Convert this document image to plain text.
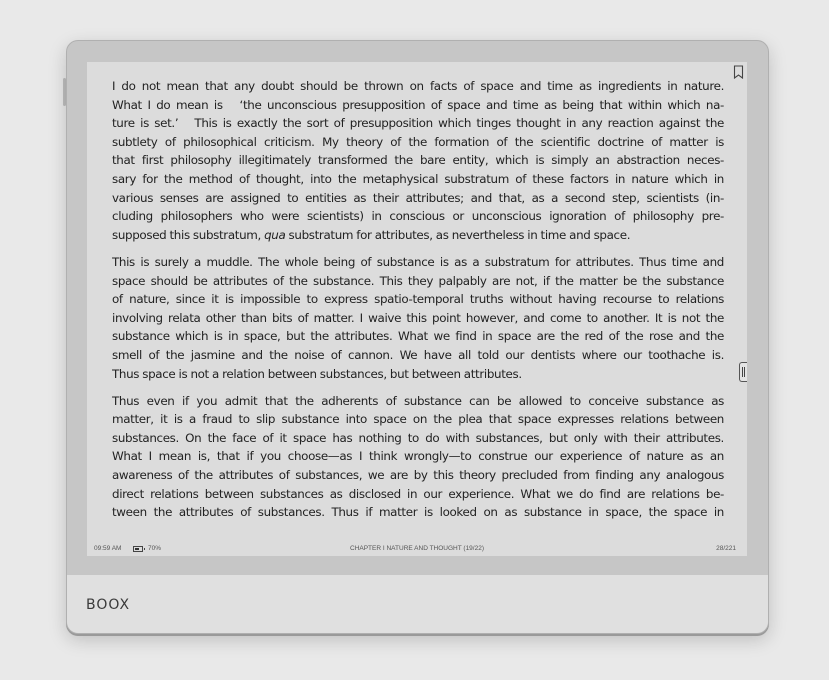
I do not mean that any doubt should be thrown on facts of space and time as ingredients in nature.
What I do mean is   ‘the unconscious presupposition of space and time as being that within which na-
ture is set.’   This is exactly the sort of presupposition which tinges thought in any reaction against the
subtlety of philosophical criticism. My theory of the formation of the scientific doctrine of matter is
that first philosophy illegitimately transformed the bare entity, which is simply an abstraction neces-
sary for the method of thought, into the metaphysical substratum of these factors in nature which in
various senses are assigned to entities as their attributes; and that, as a second step, scientists (in-
cluding philosophers who were scientists) in conscious or unconscious ignoration of philosophy pre-
supposed this substratum, qua substratum for attributes, as nevertheless in time and space.

This is surely a muddle. The whole being of substance is as a substratum for attributes. Thus time and
space should be attributes of the substance. This they palpably are not, if the matter be the substance
of nature, since it is impossible to express spatio-temporal truths without having recourse to relations
involving relata other than bits of matter. I waive this point however, and come to another. It is not the
substance which is in space, but the attributes. What we find in space are the red of the rose and the
smell of the jasmine and the noise of cannon. We have all told our dentists where our toothache is.
Thus space is not a relation between substances, but between attributes.

Thus even if you admit that the adherents of substance can be allowed to conceive substance as
matter, it is a fraud to slip substance into space on the plea that space expresses relations between
substances. On the face of it space has nothing to do with substances, but only with their attributes.
What I mean is, that if you choose—as I think wrongly—to construe our experience of nature as an
awareness of the attributes of substances, we are by this theory precluded from finding any analogous
direct relations between substances as disclosed in our experience. What we do find are relations be-
tween the attributes of substances. Thus if matter is looked on as substance in space, the space in

09:59 AM	70%	CHAPTER I NATURE AND THOUGHT (19/22)	28/221
BOOX
